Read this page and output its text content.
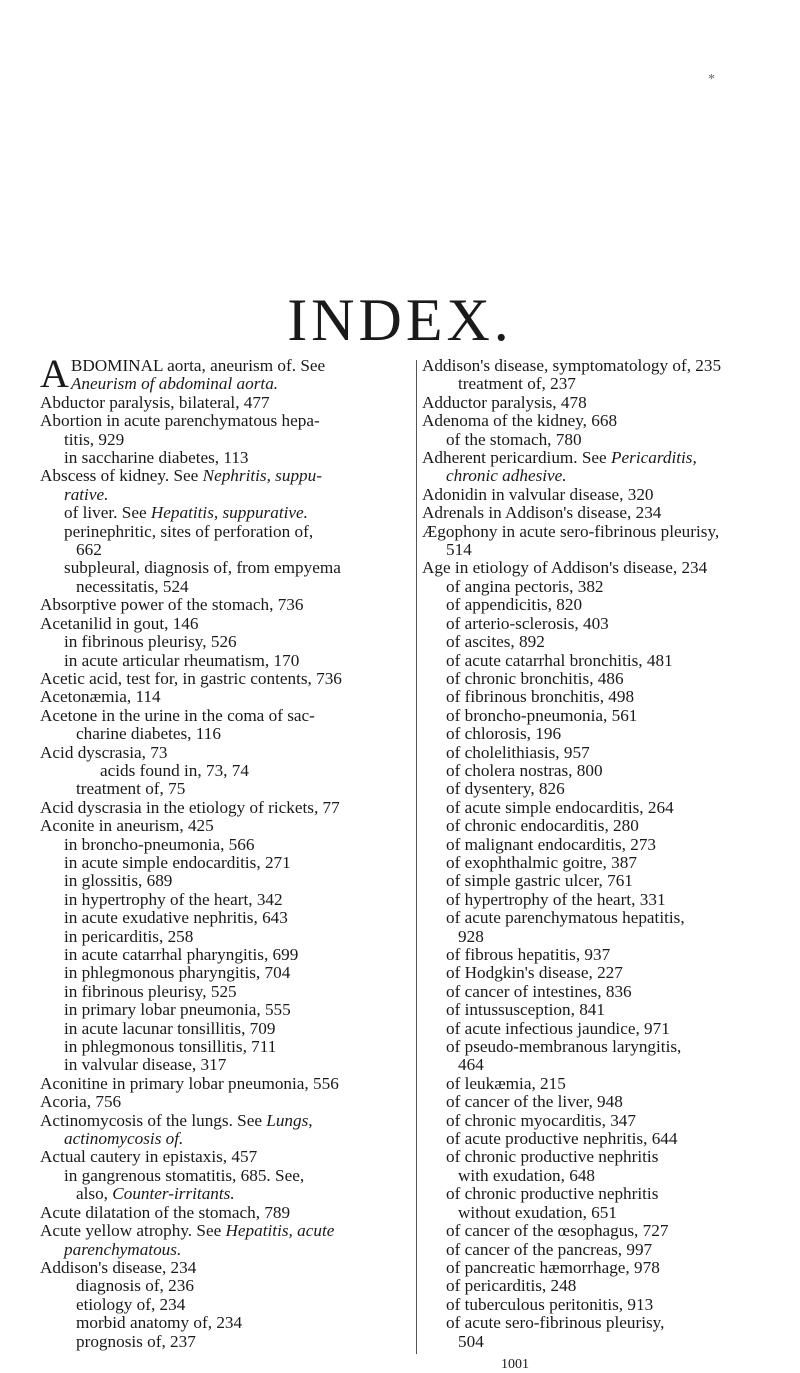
*
INDEX.
ABDOMINAL aorta, aneurism of. See
Aneurism of abdominal aorta.
Abductor paralysis, bilateral, 477
Abortion in acute parenchymatous hepa-
titis, 929
in saccharine diabetes, 113
Abscess of kidney. See Nephritis, suppu-
rative.
of liver. See Hepatitis, suppurative.
perinephritic, sites of perforation of,
662
subpleural, diagnosis of, from empyema
necessitatis, 524
Absorptive power of the stomach, 736
Acetanilid in gout, 146
in fibrinous pleurisy, 526
in acute articular rheumatism, 170
Acetic acid, test for, in gastric contents, 736
Acetonæmia, 114
Acetone in the urine in the coma of sac-
charine diabetes, 116
Acid dyscrasia, 73
acids found in, 73, 74
treatment of, 75
Acid dyscrasia in the etiology of rickets, 77
Aconite in aneurism, 425
in broncho-pneumonia, 566
in acute simple endocarditis, 271
in glossitis, 689
in hypertrophy of the heart, 342
in acute exudative nephritis, 643
in pericarditis, 258
in acute catarrhal pharyngitis, 699
in phlegmonous pharyngitis, 704
in fibrinous pleurisy, 525
in primary lobar pneumonia, 555
in acute lacunar tonsillitis, 709
in phlegmonous tonsillitis, 711
in valvular disease, 317
Aconitine in primary lobar pneumonia, 556
Acoria, 756
Actinomycosis of the lungs. See Lungs,
actinomycosis of.
Actual cautery in epistaxis, 457
in gangrenous stomatitis, 685. See,
also, Counter-irritants.
Acute dilatation of the stomach, 789
Acute yellow atrophy. See Hepatitis, acute
parenchymatous.
Addison's disease, 234
diagnosis of, 236
etiology of, 234
morbid anatomy of, 234
prognosis of, 237
Addison's disease, symptomatology of, 235
treatment of, 237
Adductor paralysis, 478
Adenoma of the kidney, 668
of the stomach, 780
Adherent pericardium. See Pericarditis,
chronic adhesive.
Adonidin in valvular disease, 320
Adrenals in Addison's disease, 234
Ægophony in acute sero-fibrinous pleurisy,
514
Age in etiology of Addison's disease, 234
of angina pectoris, 382
of appendicitis, 820
of arterio-sclerosis, 403
of ascites, 892
of acute catarrhal bronchitis, 481
of chronic bronchitis, 486
of fibrinous bronchitis, 498
of broncho-pneumonia, 561
of chlorosis, 196
of cholelithiasis, 957
of cholera nostras, 800
of dysentery, 826
of acute simple endocarditis, 264
of chronic endocarditis, 280
of malignant endocarditis, 273
of exophthalmic goitre, 387
of simple gastric ulcer, 761
of hypertrophy of the heart, 331
of acute parenchymatous hepatitis,
928
of fibrous hepatitis, 937
of Hodgkin's disease, 227
of cancer of intestines, 836
of intussusception, 841
of acute infectious jaundice, 971
of pseudo-membranous laryngitis,
464
of leukæmia, 215
of cancer of the liver, 948
of chronic myocarditis, 347
of acute productive nephritis, 644
of chronic productive nephritis
with exudation, 648
of chronic productive nephritis
without exudation, 651
of cancer of the œsophagus, 727
of cancer of the pancreas, 997
of pancreatic hæmorrhage, 978
of pericarditis, 248
of tuberculous peritonitis, 913
of acute sero-fibrinous pleurisy,
504
1001
